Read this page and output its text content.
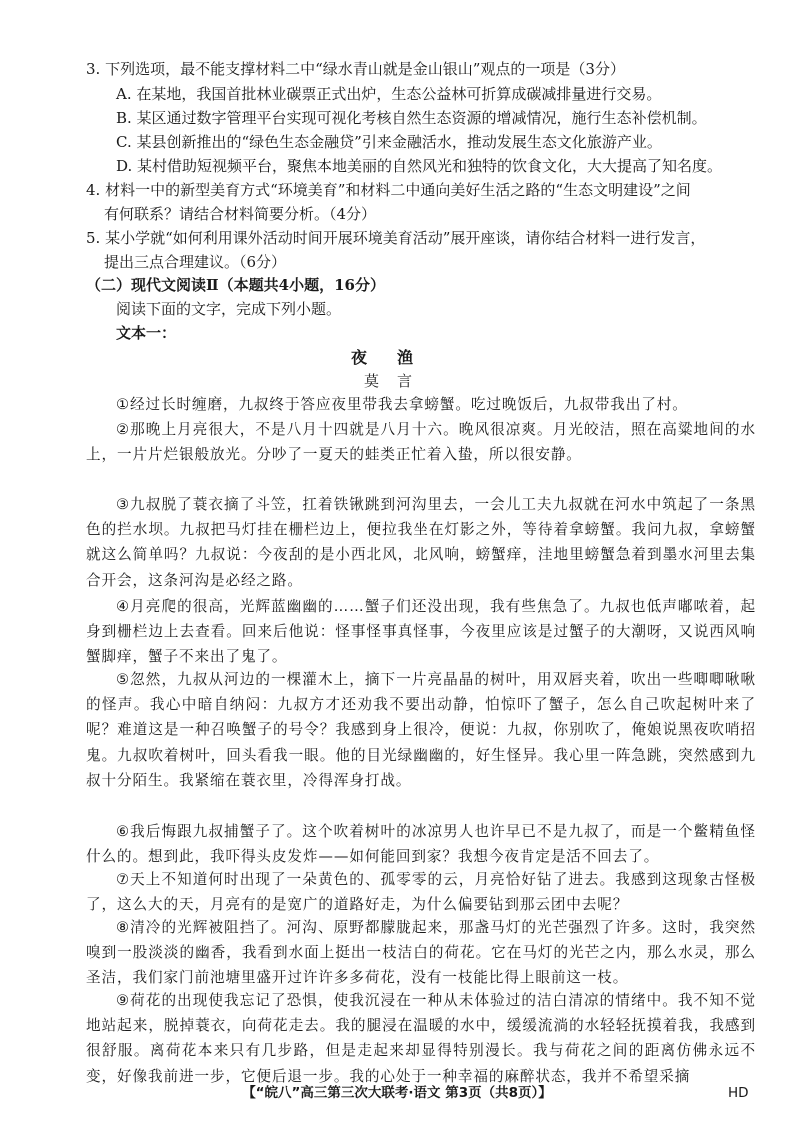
3. 下列选项，最不能支撑材料二中“绿水青山就是金山银山”观点的一项是（3分）
A. 在某地，我国首批林业碳票正式出炉，生态公益林可折算成碳减排量进行交易。
B. 某区通过数字管理平台实现可视化考核自然生态资源的增减情况，施行生态补偿机制。
C. 某县创新推出的“绿色生态金融贷”引来金融活水，推动发展生态文化旅游产业。
D. 某村借助短视频平台，聚焦本地美丽的自然风光和独特的饮食文化，大大提高了知名度。
4. 材料一中的新型美育方式“环境美育”和材料二中通向美好生活之路的“生态文明建设”之间
有何联系？请结合材料简要分析。（4分）
5. 某小学就“如何利用课外活动时间开展环境美育活动”展开座谈，请你结合材料一进行发言，
提出三点合理建议。（6分）
（二）现代文阅读Ⅱ（本题共4小题，16分）
阅读下面的文字，完成下列小题。
文本一：
夜渔
莫言
①经过长时缠磨，九叔终于答应夜里带我去拿螃蟹。吃过晚饭后，九叔带我出了村。
②那晚上月亮很大，不是八月十四就是八月十六。晚风很凉爽。月光皎洁，照在高粱地间的水上，一片片烂银般放光。分吵了一夏天的蛙类正忙着入蛰，所以很安静。
③九叔脱了蓑衣摘了斗笠，扛着铁锹跳到河沟里去，一会儿工夫九叔就在河水中筑起了一条黑色的拦水坝。九叔把马灯挂在栅栏边上，便拉我坐在灯影之外，等待着拿螃蟹。我问九叔，拿螃蟹就这么简单吗？九叔说：今夜刮的是小西北风，北风响，螃蟹痒，洼地里螃蟹急着到墨水河里去集合开会，这条河沟是必经之路。
④月亮爬的很高，光辉蓝幽幽的……蟹子们还没出现，我有些焦急了。九叔也低声嘟哝着，起身到栅栏边上去查看。回来后他说：怪事怪事真怪事，今夜里应该是过蟹子的大潮呀，又说西风响蟹脚痒，蟹子不来出了鬼了。
⑤忽然，九叔从河边的一棵灌木上，摘下一片亮晶晶的树叶，用双唇夹着，吹出一些唧唧啾啾的怪声。我心中暗自纳闷：九叔方才还劝我不要出动静，怕惊吓了蟹子，怎么自己吹起树叶来了呢？难道这是一种召唤蟹子的号令？我感到身上很冷，便说：九叔，你别吹了，俺娘说黑夜吹哨招鬼。九叔吹着树叶，回头看我一眼。他的目光绿幽幽的，好生怪异。我心里一阵急跳，突然感到九叔十分陌生。我紧缩在蓑衣里，冷得浑身打战。
⑥我后悔跟九叔捕蟹子了。这个吹着树叶的冰凉男人也许早已不是九叔了，而是一个鳖精鱼怪什么的。想到此，我吓得头皮发炸——如何能回到家？我想今夜肯定是活不回去了。
⑦天上不知道何时出现了一朵黄色的、孤零零的云，月亮恰好钻了进去。我感到这现象古怪极了，这么大的天，月亮有的是宽广的道路好走，为什么偏要钻到那云团中去呢？
⑧清冷的光辉被阻挡了。河沟、原野都朦胧起来，那盏马灯的光芒强烈了许多。这时，我突然嗅到一股淡淡的幽香，我看到水面上挺出一枝洁白的荷花。它在马灯的光芒之内，那么水灵，那么圣洁，我们家门前池塘里盛开过许许多多荷花，没有一枝能比得上眼前这一枝。
⑨荷花的出现使我忘记了恐惧，使我沉浸在一种从未体验过的洁白清凉的情绪中。我不知不觉地站起来，脱掉蓑衣，向荷花走去。我的腿浸在温暖的水中，缓缓流淌的水轻轻抚摸着我，我感到很舒服。离荷花本来只有几步路，但是走起来却显得特别漫长。我与荷花之间的距离仿佛永远不变，好像我前进一步，它便后退一步。我的心处于一种幸福的麻醉状态，我并不希望采摘
【“皖八”高三第三次大联考·语文 第3页（共8页）】	HD
